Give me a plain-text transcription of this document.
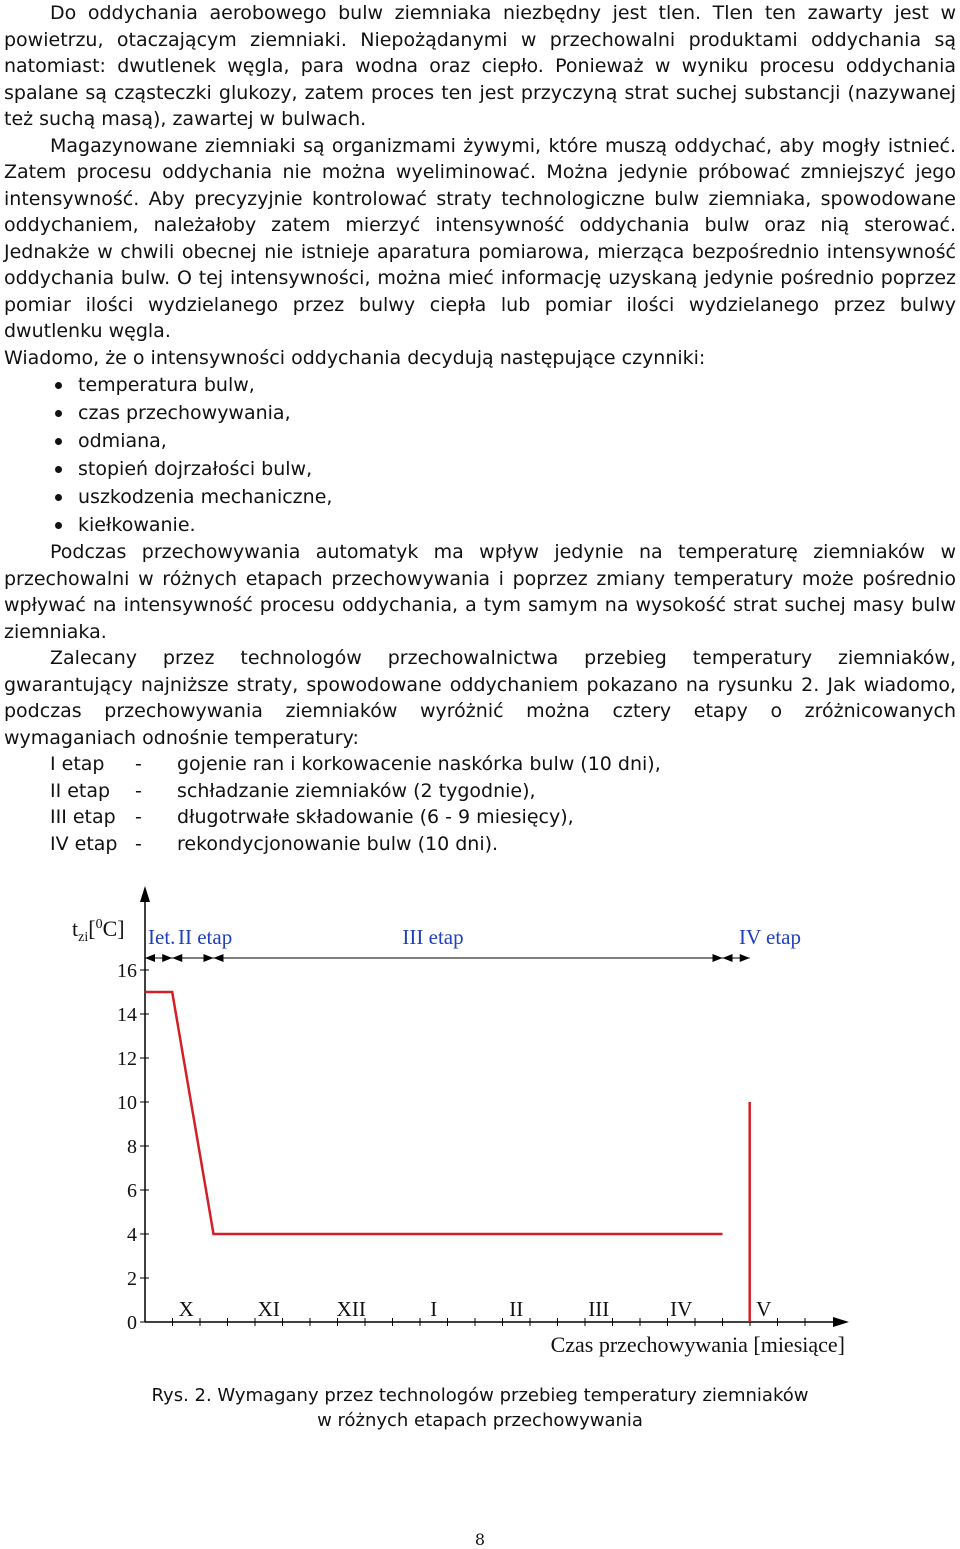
Do oddychania aerobowego bulw ziemniaka niezbędny jest tlen. Tlen ten zawarty jest w powietrzu, otaczającym ziemniaki. Niepożądanymi w przechowalni produktami oddychania są natomiast: dwutlenek węgla, para wodna oraz ciepło. Ponieważ w wyniku procesu oddychania spalane są cząsteczki glukozy, zatem proces ten jest przyczyną strat suchej substancji (nazywanej też suchą masą), zawartej w bulwach.

Magazynowane ziemniaki są organizmami żywymi, które muszą oddychać, aby mogły istnieć. Zatem procesu oddychania nie można wyeliminować. Można jedynie próbować zmniejszyć jego intensywność. Aby precyzyjnie kontrolować straty technologiczne bulw ziemniaka, spowodowane oddychaniem, należałoby zatem mierzyć intensywność oddychania bulw oraz nią sterować. Jednakże w chwili obecnej nie istnieje aparatura pomiarowa, mierząca bezpośrednio intensywność oddychania bulw. O tej intensywności, można mieć informację uzyskaną jedynie pośrednio poprzez pomiar ilości wydzielanego przez bulwy ciepła lub pomiar ilości wydzielanego przez bulwy dwutlenku węgla.

Wiadomo, że o intensywności oddychania decydują następujące czynniki:

temperatura bulw,
czas przechowywania,
odmiana,
stopień dojrzałości bulw,
uszkodzenia mechaniczne,
kiełkowanie.

Podczas przechowywania automatyk ma wpływ jedynie na temperaturę ziemniaków w przechowalni w różnych etapach przechowywania i poprzez zmiany temperatury może pośrednio wpływać na intensywność procesu oddychania, a tym samym na wysokość strat suchej masy bulw ziemniaka.

Zalecany przez technologów przechowalnictwa przebieg temperatury ziemniaków, gwarantujący najniższe straty, spowodowane oddychaniem pokazano na rysunku 2. Jak wiadomo, podczas przechowywania ziemniaków wyróżnić można cztery etapy o zróżnicowanych wymaganiach odnośnie temperatury:

I etap - gojenie ran i korkowacenie naskórka bulw (10 dni),
II etap - schładzanie ziemniaków (2 tygodnie),
III etap - długotrwałe składowanie (6 - 9 miesięcy),
IV etap - rekondycjonowanie bulw (10 dni).
0
2
4
6
8
10
12
14
16
X	XI	XII	I	II	III	IV	V
$t_{zi}[^0C]$
Czas przechowywania [miesiące]
Iet. II etap	III etap	IV etap
Rys. 2. Wymagany przez technologów przebieg temperatury ziemniaków
w różnych etapach przechowywania
8
